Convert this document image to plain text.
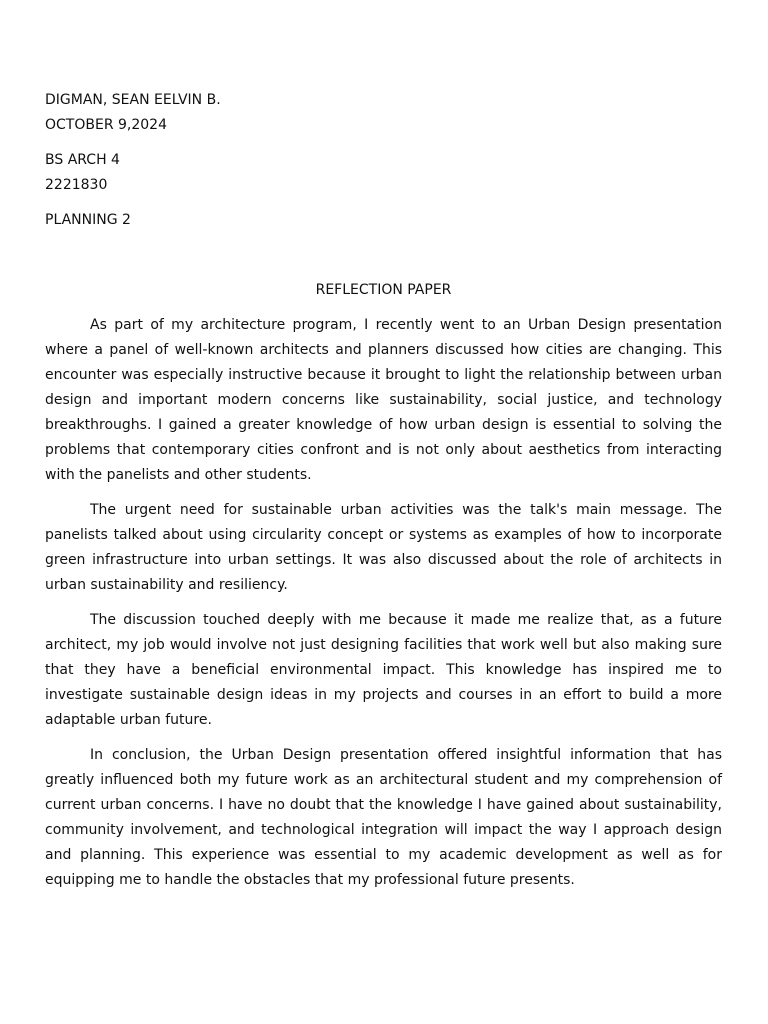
DIGMAN, SEAN EELVIN B.
OCTOBER 9,2024
BS ARCH 4
2221830
PLANNING 2
REFLECTION PAPER

As part of my architecture program, I recently went to an Urban Design presentation where a panel of well-known architects and planners discussed how cities are changing. This encounter was especially instructive because it brought to light the relationship between urban design and important modern concerns like sustainability, social justice, and technology breakthroughs. I gained a greater knowledge of how urban design is essential to solving the problems that contemporary cities confront and is not only about aesthetics from interacting with the panelists and other students.

The urgent need for sustainable urban activities was the talk's main message. The panelists talked about using circularity concept or systems as examples of how to incorporate green infrastructure into urban settings. It was also discussed about the role of architects in urban sustainability and resiliency.

The discussion touched deeply with me because it made me realize that, as a future architect, my job would involve not just designing facilities that work well but also making sure that they have a beneficial environmental impact. This knowledge has inspired me to investigate sustainable design ideas in my projects and courses in an effort to build a more adaptable urban future.

In conclusion, the Urban Design presentation offered insightful information that has greatly influenced both my future work as an architectural student and my comprehension of current urban concerns. I have no doubt that the knowledge I have gained about sustainability, community involvement, and technological integration will impact the way I approach design and planning. This experience was essential to my academic development as well as for equipping me to handle the obstacles that my professional future presents.
